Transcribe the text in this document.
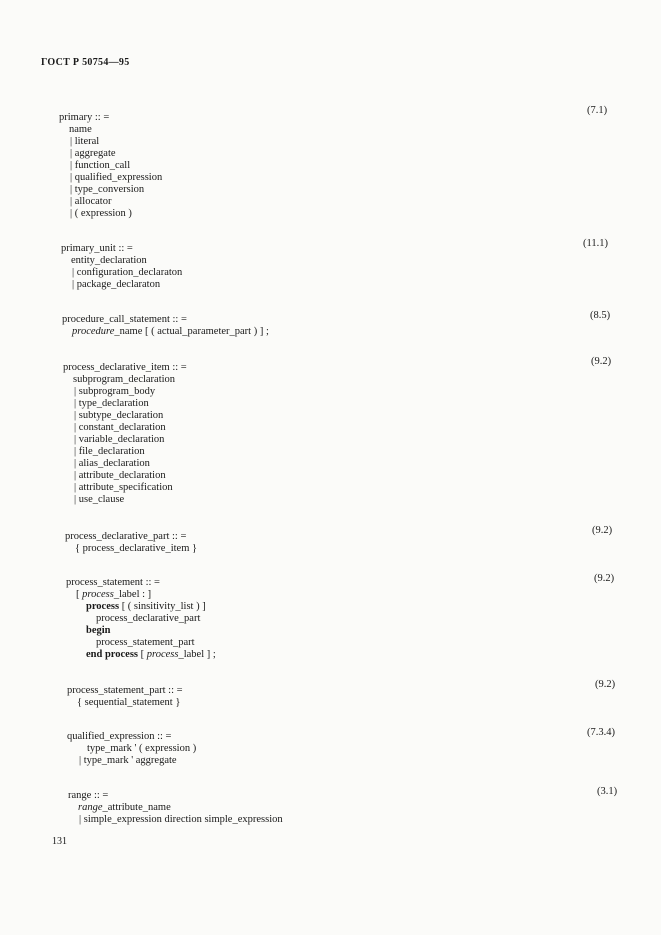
ГОСТ Р 50754—95
primary :: =
name
| literal
| aggregate
| function_call
| qualified_expression
| type_conversion
| allocator
| ( expression )
(7.1)
primary_unit :: =
entity_declaration
| configuration_declaraton
| package_declaraton
(11.1)
procedure_call_statement :: =
procedure_name [ ( actual_parameter_part ) ] ;
(8.5)
process_declarative_item :: =
subprogram_declaration
| subprogram_body
| type_declaration
| subtype_declaration
| constant_declaration
| variable_declaration
| file_declaration
| alias_declaration
| attribute_declaration
| attribute_specification
| use_clause
(9.2)
process_declarative_part :: =
{ process_declarative_item }
(9.2)
process_statement :: =
[ process_label : ]
process [ ( sinsitivity_list ) ]
process_declarative_part
begin
process_statement_part
end process [ process_label ] ;
(9.2)
process_statement_part :: =
{ sequential_statement }
(9.2)
qualified_expression :: =
type_mark ' ( expression )
| type_mark ' aggregate
(7.3.4)
range :: =
range_attribute_name
| simple_expression direction simple_expression
(3.1)
131
